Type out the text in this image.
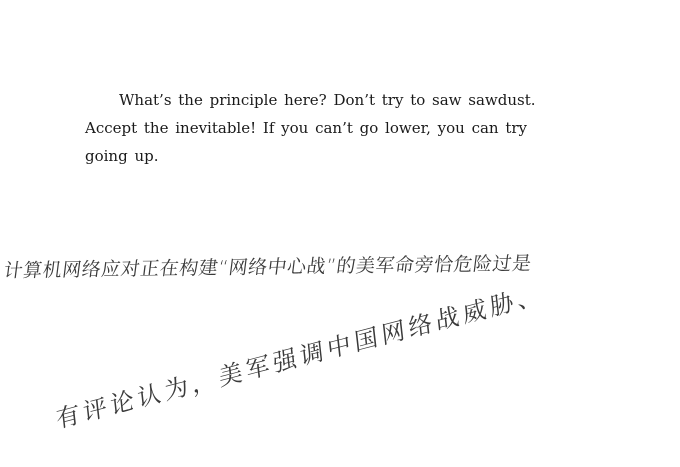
What’s the principle here? Don’t try to saw sawdust.
Accept the inevitable! If you can’t go lower, you can try
going up.
计算机网络应对正在构建“网络中心战”的美军命旁恰危险过是
有评论认为，美军强调中国网络战威胁、
